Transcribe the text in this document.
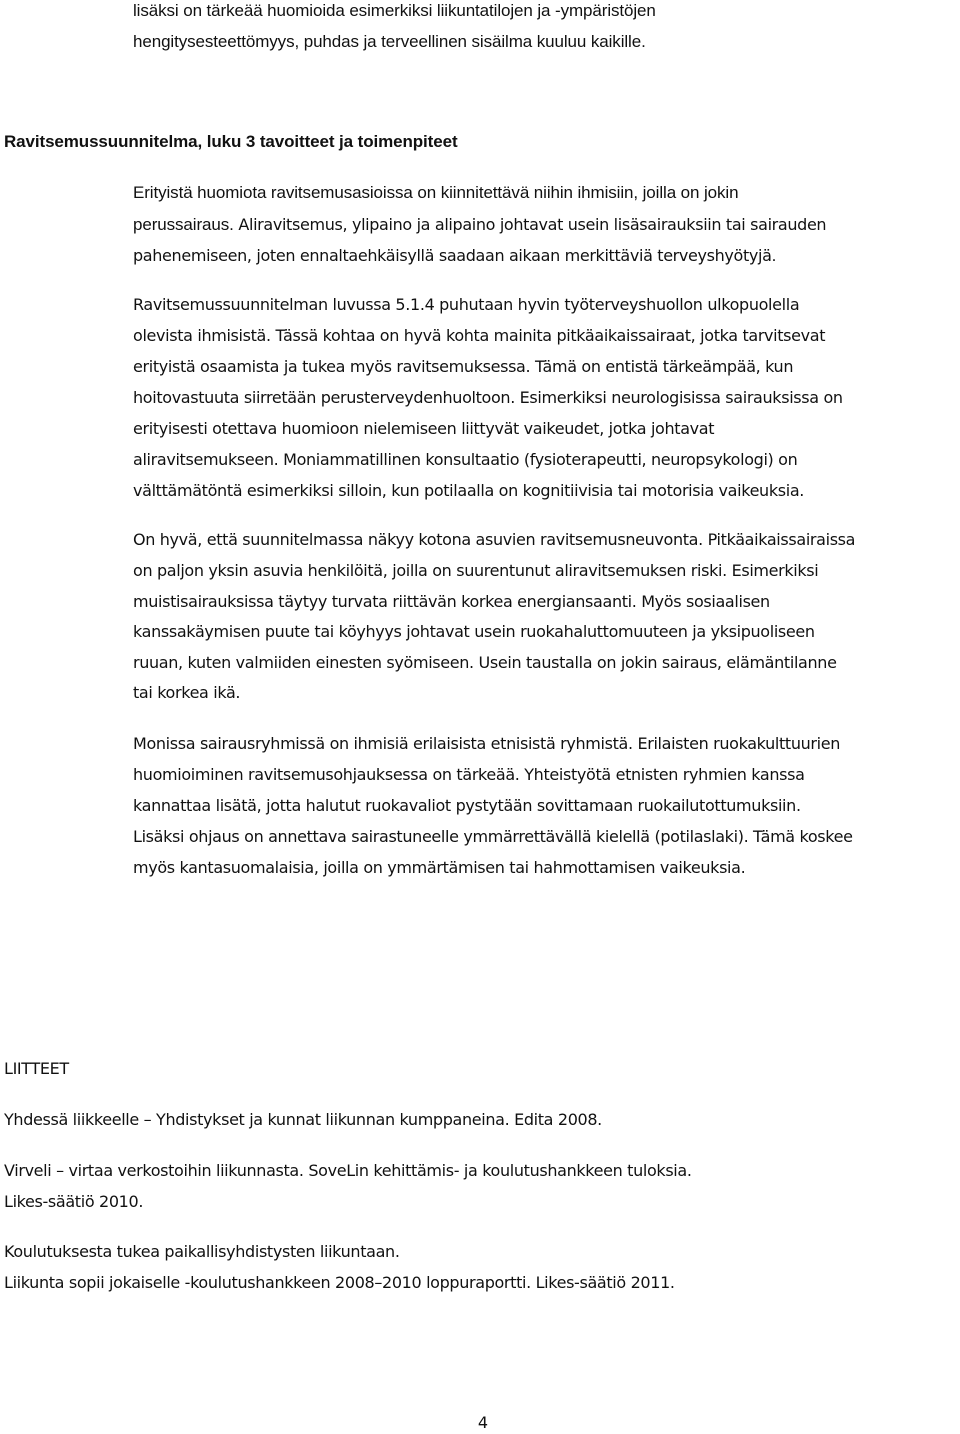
lisäksi on tärkeää huomioida esimerkiksi liikuntatilojen ja -ympäristöjen

hengitysesteettömyys, puhdas ja terveellinen sisäilma kuuluu kaikille.

Ravitsemussuunnitelma, luku 3 tavoitteet ja toimenpiteet

Erityistä huomiota ravitsemusasioissa on kiinnitettävä niihin ihmisiin, joilla on jokin

perussairaus. Aliravitsemus, ylipaino ja alipaino johtavat usein lisäsairauksiin tai sairauden

pahenemiseen, joten ennaltaehkäisyllä saadaan aikaan merkittäviä terveyshyötyjä.

Ravitsemussuunnitelman luvussa 5.1.4 puhutaan hyvin työterveyshuollon ulkopuolella

olevista ihmisistä. Tässä kohtaa on hyvä kohta mainita pitkäaikaissairaat, jotka tarvitsevat

erityistä osaamista ja tukea myös ravitsemuksessa. Tämä on entistä tärkeämpää, kun

hoitovastuuta siirretään perusterveydenhuoltoon. Esimerkiksi neurologisissa sairauksissa on

erityisesti otettava huomioon nielemiseen liittyvät vaikeudet, jotka johtavat

aliravitsemukseen. Moniammatillinen konsultaatio (fysioterapeutti, neuropsykologi) on

välttämätöntä esimerkiksi silloin, kun potilaalla on kognitiivisia tai motorisia vaikeuksia.

On hyvä, että suunnitelmassa näkyy kotona asuvien ravitsemusneuvonta. Pitkäaikaissairaissa

on paljon yksin asuvia henkilöitä, joilla on suurentunut aliravitsemuksen riski. Esimerkiksi

muistisairauksissa täytyy turvata riittävän korkea energiansaanti. Myös sosiaalisen

kanssakäymisen puute tai köyhyys johtavat usein ruokahaluttomuuteen ja yksipuoliseen

ruuan, kuten valmiiden einesten syömiseen. Usein taustalla on jokin sairaus, elämäntilanne

tai korkea ikä.

Monissa sairausryhmissä on ihmisiä erilaisista etnisistä ryhmistä. Erilaisten ruokakulttuurien

huomioiminen ravitsemusohjauksessa on tärkeää. Yhteistyötä etnisten ryhmien kanssa

kannattaa lisätä, jotta halutut ruokavaliot pystytään sovittamaan ruokailutottumuksiin.

Lisäksi ohjaus on annettava sairastuneelle ymmärrettävällä kielellä (potilaslaki). Tämä koskee

myös kantasuomalaisia, joilla on ymmärtämisen tai hahmottamisen vaikeuksia.

LIITTEET

Yhdessä liikkeelle – Yhdistykset ja kunnat liikunnan kumppaneina. Edita 2008.

Virveli – virtaa verkostoihin liikunnasta. SoveLin kehittämis- ja koulutushankkeen tuloksia.

Likes-säätiö 2010.

Koulutuksesta tukea paikallisyhdistysten liikuntaan.

Liikunta sopii jokaiselle -koulutushankkeen 2008–2010 loppuraportti. Likes-säätiö 2011.

4
